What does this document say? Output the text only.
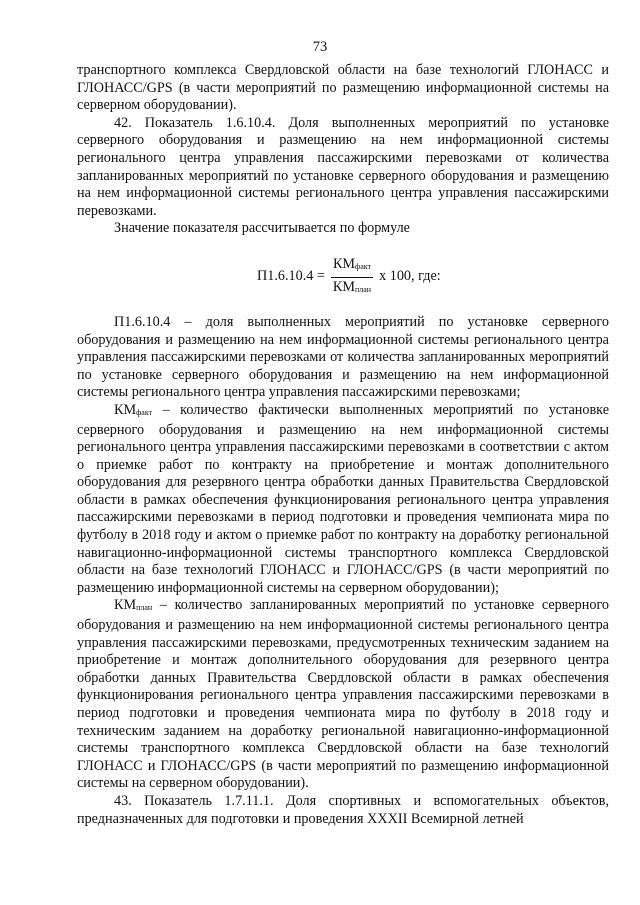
73

транспортного комплекса Свердловской области на базе технологий ГЛОНАСС и ГЛОНАСС/GPS (в части мероприятий по размещению информационной системы на серверном оборудовании).

42. Показатель 1.6.10.4. Доля выполненных мероприятий по установке серверного оборудования и размещению на нем информационной системы регионального центра управления пассажирскими перевозками от количества запланированных мероприятий по установке серверного оборудования и размещению на нем информационной системы регионального центра управления пассажирскими перевозками.

Значение показателя рассчитывается по формуле

$П1.6.10.4 = \frac{КМ_{факт}}{КМ_{план}}$ x 100, где:

П1.6.10.4 – доля выполненных мероприятий по установке серверного оборудования и размещению на нем информационной системы регионального центра управления пассажирскими перевозками от количества запланированных мероприятий по установке серверного оборудования и размещению на нем информационной системы регионального центра управления пассажирскими перевозками;

$КМ_{факт}$ – количество фактически выполненных мероприятий по установке серверного оборудования и размещению на нем информационной системы регионального центра управления пассажирскими перевозками в соответствии с актом о приемке работ по контракту на приобретение и монтаж дополнительного оборудования для резервного центра обработки данных Правительства Свердловской области в рамках обеспечения функционирования регионального центра управления пассажирскими перевозками в период подготовки и проведения чемпионата мира по футболу в 2018 году и актом о приемке работ по контракту на доработку региональной навигационно-информационной системы транспортного комплекса Свердловской области на базе технологий ГЛОНАСС и ГЛОНАСС/GPS (в части мероприятий по размещению информационной системы на серверном оборудовании);

$КМ_{план}$ – количество запланированных мероприятий по установке серверного оборудования и размещению на нем информационной системы регионального центра управления пассажирскими перевозками, предусмотренных техническим заданием на приобретение и монтаж дополнительного оборудования для резервного центра обработки данных Правительства Свердловской области в рамках обеспечения функционирования регионального центра управления пассажирскими перевозками в период подготовки и проведения чемпионата мира по футболу в 2018 году и техническим заданием на доработку региональной навигационно-информационной системы транспортного комплекса Свердловской области на базе технологий ГЛОНАСС и ГЛОНАСС/GPS (в части мероприятий по размещению информационной системы на серверном оборудовании).

43. Показатель 1.7.11.1. Доля спортивных и вспомогательных объектов, предназначенных для подготовки и проведения XXXII Всемирной летней
